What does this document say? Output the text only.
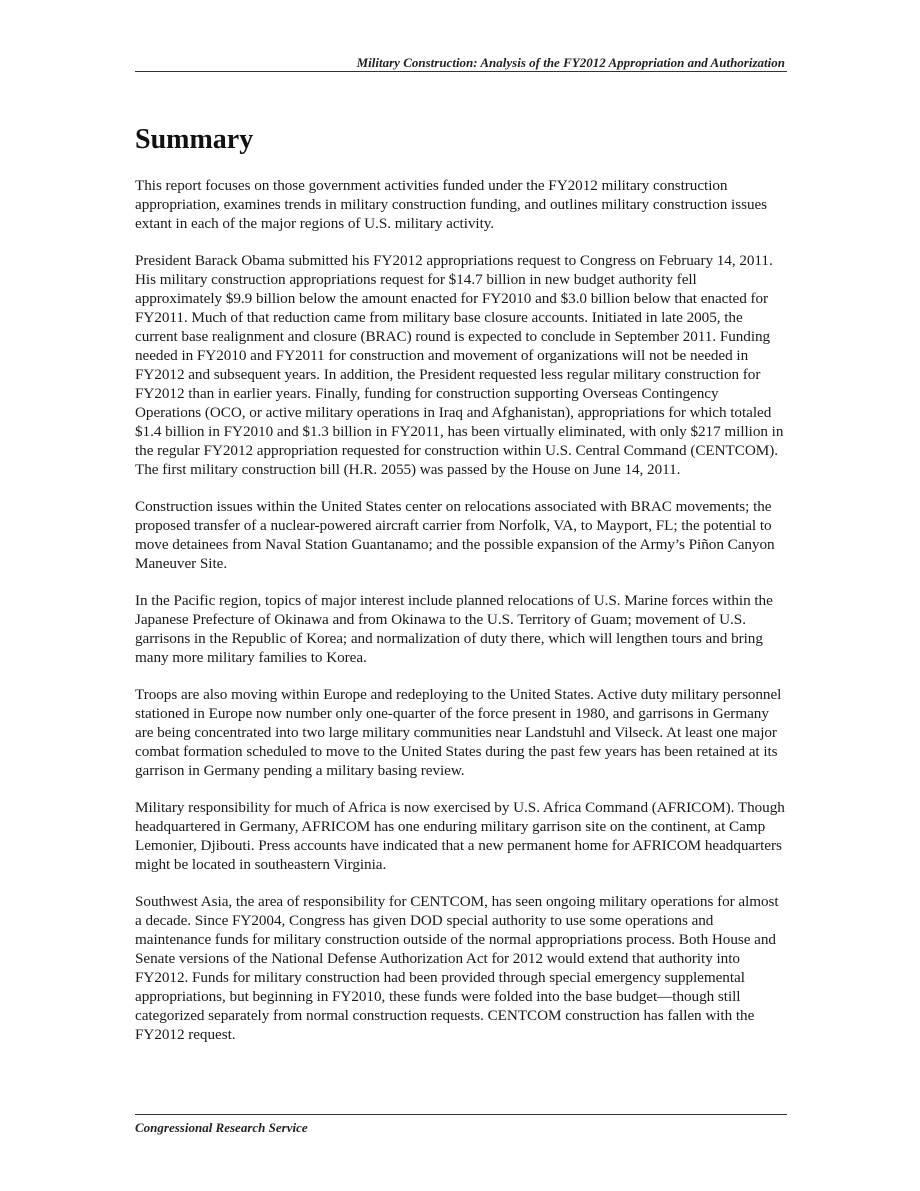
Military Construction: Analysis of the FY2012 Appropriation and Authorization
Summary

This report focuses on those government activities funded under the FY2012 military construction appropriation, examines trends in military construction funding, and outlines military construction issues extant in each of the major regions of U.S. military activity.

President Barack Obama submitted his FY2012 appropriations request to Congress on February 14, 2011. His military construction appropriations request for $14.7 billion in new budget authority fell approximately $9.9 billion below the amount enacted for FY2010 and $3.0 billion below that enacted for FY2011. Much of that reduction came from military base closure accounts. Initiated in late 2005, the current base realignment and closure (BRAC) round is expected to conclude in September 2011. Funding needed in FY2010 and FY2011 for construction and movement of organizations will not be needed in FY2012 and subsequent years. In addition, the President requested less regular military construction for FY2012 than in earlier years. Finally, funding for construction supporting Overseas Contingency Operations (OCO, or active military operations in Iraq and Afghanistan), appropriations for which totaled $1.4 billion in FY2010 and $1.3 billion in FY2011, has been virtually eliminated, with only $217 million in the regular FY2012 appropriation requested for construction within U.S. Central Command (CENTCOM). The first military construction bill (H.R. 2055) was passed by the House on June 14, 2011.

Construction issues within the United States center on relocations associated with BRAC movements; the proposed transfer of a nuclear-powered aircraft carrier from Norfolk, VA, to Mayport, FL; the potential to move detainees from Naval Station Guantanamo; and the possible expansion of the Army’s Piñon Canyon Maneuver Site.

In the Pacific region, topics of major interest include planned relocations of U.S. Marine forces within the Japanese Prefecture of Okinawa and from Okinawa to the U.S. Territory of Guam; movement of U.S. garrisons in the Republic of Korea; and normalization of duty there, which will lengthen tours and bring many more military families to Korea.

Troops are also moving within Europe and redeploying to the United States. Active duty military personnel stationed in Europe now number only one-quarter of the force present in 1980, and garrisons in Germany are being concentrated into two large military communities near Landstuhl and Vilseck. At least one major combat formation scheduled to move to the United States during the past few years has been retained at its garrison in Germany pending a military basing review.

Military responsibility for much of Africa is now exercised by U.S. Africa Command (AFRICOM). Though headquartered in Germany, AFRICOM has one enduring military garrison site on the continent, at Camp Lemonier, Djibouti. Press accounts have indicated that a new permanent home for AFRICOM headquarters might be located in southeastern Virginia.

Southwest Asia, the area of responsibility for CENTCOM, has seen ongoing military operations for almost a decade. Since FY2004, Congress has given DOD special authority to use some operations and maintenance funds for military construction outside of the normal appropriations process. Both House and Senate versions of the National Defense Authorization Act for 2012 would extend that authority into FY2012. Funds for military construction had been provided through special emergency supplemental appropriations, but beginning in FY2010, these funds were folded into the base budget—though still categorized separately from normal construction requests. CENTCOM construction has fallen with the FY2012 request.

Congressional Research Service
